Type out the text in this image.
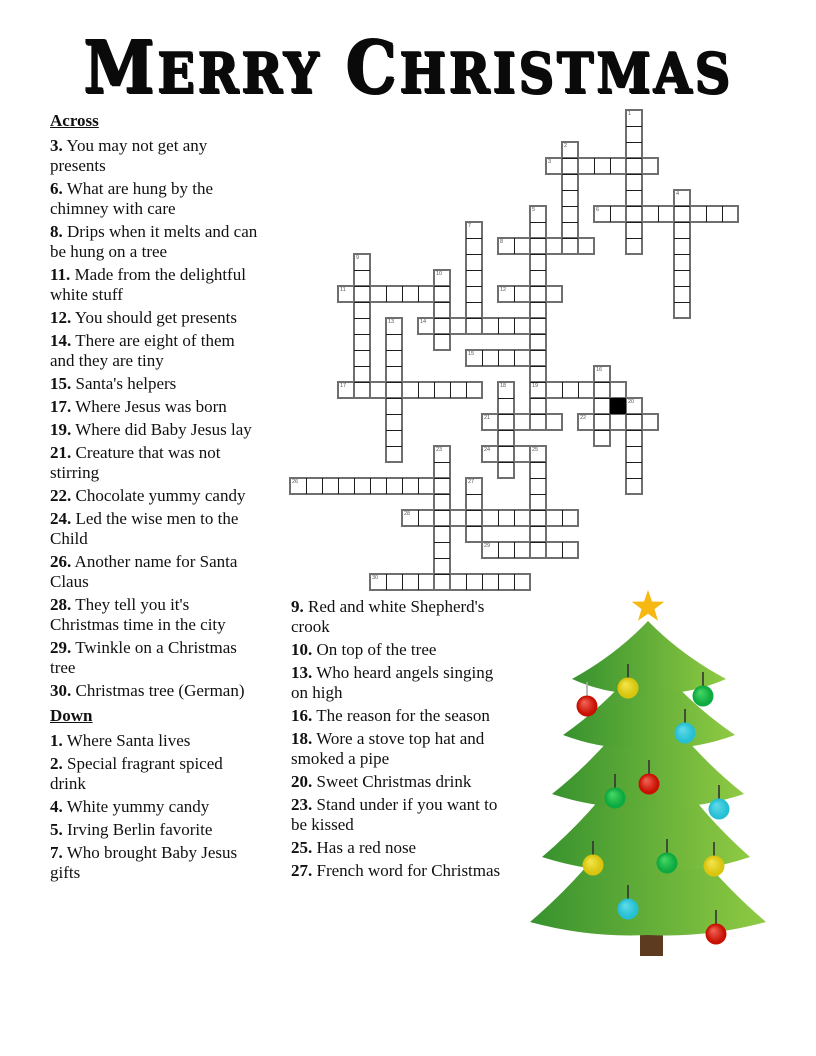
MERRY CHRISTMAS
Across

3. You may not get any presents

6. What are hung by the chimney with care

8. Drips when it melts and can be hung on a tree

11. Made from the delightful white stuff

12. You should get presents

14. There are eight of them and they are tiny

15. Santa's helpers

17. Where Jesus was born

19. Where did Baby Jesus lay

21. Creature that was not stirring

22. Chocolate yummy candy

24. Led the wise men to the Child

26. Another name for Santa Claus

28. They tell you it's Christmas time in the city

29. Twinkle on a Christmas tree

30. Christmas tree (German)

Down

1. Where Santa lives

2. Special fragrant spiced drink

4. White yummy candy

5. Irving Berlin favorite

7. Who brought Baby Jesus gifts

9. Red and white Shepherd's crook

10. On top of the tree

13. Who heard angels singing on high

16. The reason for the season

18. Wore a stove top hat and smoked a pipe

20. Sweet Christmas drink

23. Stand under if you want to be kissed

25. Has a red nose

27. French word for Christmas

3
6
8
11	12
14
15
17	19
21	22
24
26
28
29
30
1
2
4
5
7
9
10
13
16
18
20
23	25
27
